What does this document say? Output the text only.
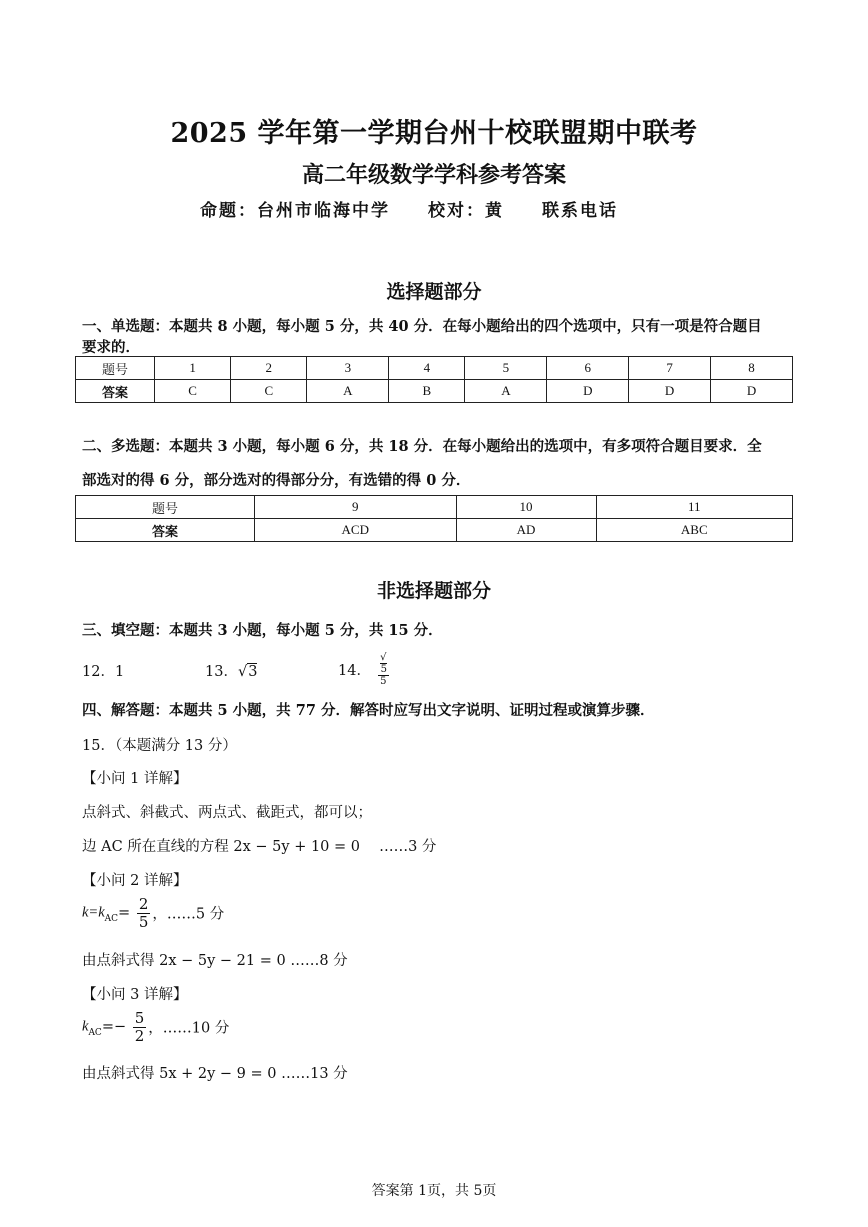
2025 学年第一学期台州十校联盟期中联考
高二年级数学学科参考答案
命题：台州市临海中学　　校对：黄　　联系电话
选择题部分
一、单选题：本题共 8 小题，每小题 5 分，共 40 分．在每小题给出的四个选项中，只有一项是符合题目
要求的．
题号	1	2	3	4	5	6	7	8
答案	C	C	A	B	A	D	D	D
二、多选题：本题共 3 小题，每小题 6 分，共 18 分．在每小题给出的选项中，有多项符合题目要求．全
部选对的得 6 分，部分选对的得部分分，有选错的得 0 分．
题号	9	10	11
答案	ACD	AD	ABC
非选择题部分
三、填空题：本题共 3 小题，每小题 5 分，共 15 分．
12．1	13．√3	14． √
5
5
四、解答题：本题共 5 小题，共 77 分．解答时应写出文字说明、证明过程或演算步骤．
15．（本题满分 13 分）
【小问 1 详解】
点斜式、斜截式、两点式、截距式，都可以；
边 AC 所在直线的方程 2x − 5y + 10 = 0　 ……3 分
【小问 2 详解】
$k=k_{AC}= \frac{2}{5}$ ，……5 分
由点斜式得 2x − 5y − 21 = 0 ……8 分
【小问 3 详解】
$k_{AC}=- \frac{5}{2}$ ，……10 分
由点斜式得 5x + 2y − 9 = 0 ……13 分
答案第 1页，共 5页
